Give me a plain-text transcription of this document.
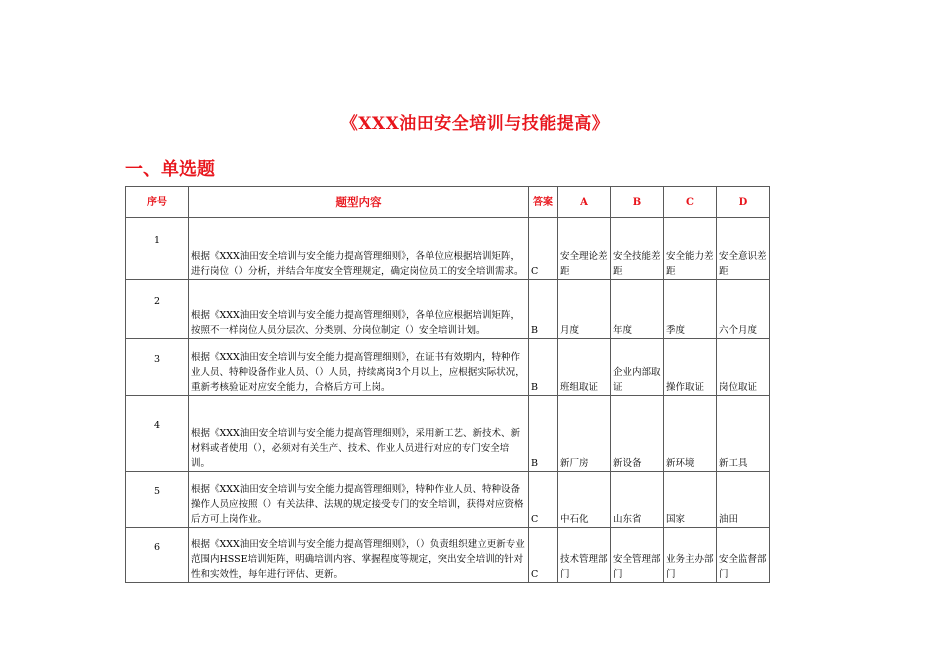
《XXX油田安全培训与技能提高》
一、单选题
序号	题型内容	答案	A	B	C	D
1	根据《XXX油田安全培训与安全能力提高管理细则》，各单位应根据培训矩阵，进行岗位（）分析，并结合年度安全管理规定，确定岗位员工的安全培训需求。	C	安全理论差距	安全技能差距	安全能力差距	安全意识差距
2	根据《XXX油田安全培训与安全能力提高管理细则》，各单位应根据培训矩阵，按照不一样岗位人员分层次、分类别、分岗位制定（）安全培训计划。	B	月度	年度	季度	六个月度
3	根据《XXX油田安全培训与安全能力提高管理细则》，在证书有效期内，特种作业人员、特种设备作业人员、（）人员，持续离岗3个月以上，应根据实际状况，重新考核验证对应安全能力，合格后方可上岗。	B	班组取证	企业内部取证	操作取证	岗位取证
4	根据《XXX油田安全培训与安全能力提高管理细则》，采用新工艺、新技术、新材料或者使用（），必须对有关生产、技术、作业人员进行对应的专门安全培训。	B	新厂房	新设备	新环境	新工具
5	根据《XXX油田安全培训与安全能力提高管理细则》，特种作业人员、特种设备操作人员应按照（）有关法律、法规的规定接受专门的安全培训，获得对应资格后方可上岗作业。	C	中石化	山东省	国家	油田
6	根据《XXX油田安全培训与安全能力提高管理细则》，（）负责组织建立更新专业范围内HSSE培训矩阵，明确培训内容、掌握程度等规定，突出安全培训的针对性和实效性，每年进行评估、更新。	C	技术管理部门	安全管理部门	业务主办部门	安全监督部门
